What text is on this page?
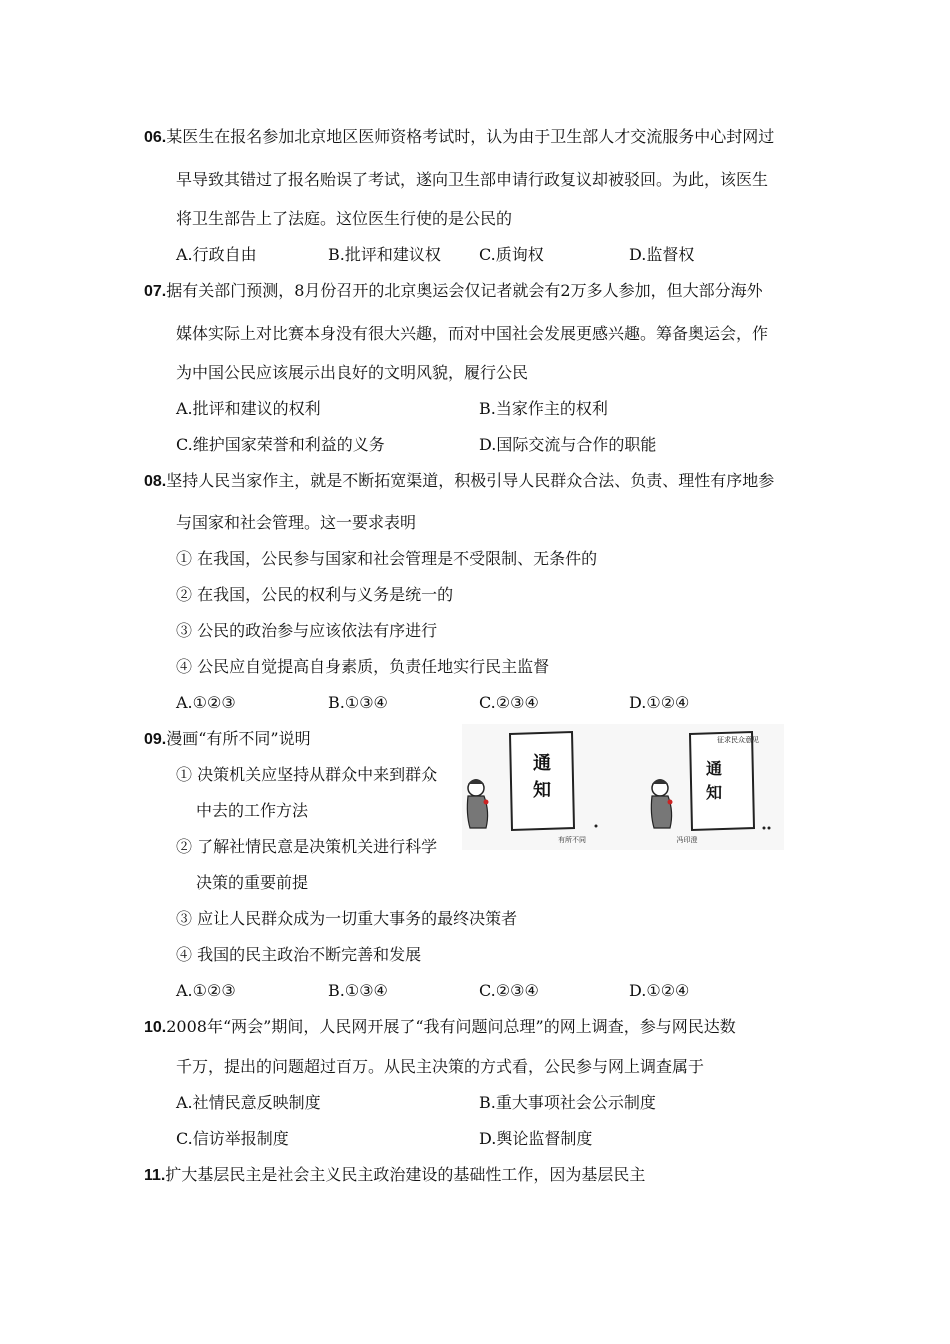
06.某医生在报名参加北京地区医师资格考试时，认为由于卫生部人才交流服务中心封网过
早导致其错过了报名贻误了考试，遂向卫生部申请行政复议却被驳回。为此，该医生
将卫生部告上了法庭。这位医生行使的是公民的
A.行政自由	B.批评和建议权 C.质询权	D.监督权
07.据有关部门预测，8月份召开的北京奥运会仅记者就会有2万多人参加，但大部分海外
媒体实际上对比赛本身没有很大兴趣，而对中国社会发展更感兴趣。筹备奥运会，作
为中国公民应该展示出良好的文明风貌，履行公民
A.批评和建议的权利	B.当家作主的权利
C.维护国家荣誉和利益的义务	D.国际交流与合作的职能
08.坚持人民当家作主，就是不断拓宽渠道，积极引导人民群众合法、负责、理性有序地参
与国家和社会管理。这一要求表明
① 在我国，公民参与国家和社会管理是不受限制、无条件的
② 在我国，公民的权利与义务是统一的
③ 公民的政治参与应该依法有序进行
④ 公民应自觉提高自身素质，负责任地实行民主监督
A.①②③	B.①③④	C.②③④	D.①②④
09.漫画“有所不同”说明
① 决策机关应坚持从群众中来到群众
中去的工作方法
② 了解社情民意是决策机关进行科学
决策的重要前提
③ 应让人民群众成为一切重大事务的最终决策者
④ 我国的民主政治不断完善和发展
A.①②③	B.①③④	C.②③④	D.①②④
通
知
征求民众意见
通
知
有所不同	冯印澄
10.2008年“两会”期间，人民网开展了“我有问题问总理”的网上调查，参与网民达数
千万，提出的问题超过百万。从民主决策的方式看，公民参与网上调查属于
A.社情民意反映制度	B.重大事项社会公示制度
C.信访举报制度	D.舆论监督制度
11.扩大基层民主是社会主义民主政治建设的基础性工作，因为基层民主
